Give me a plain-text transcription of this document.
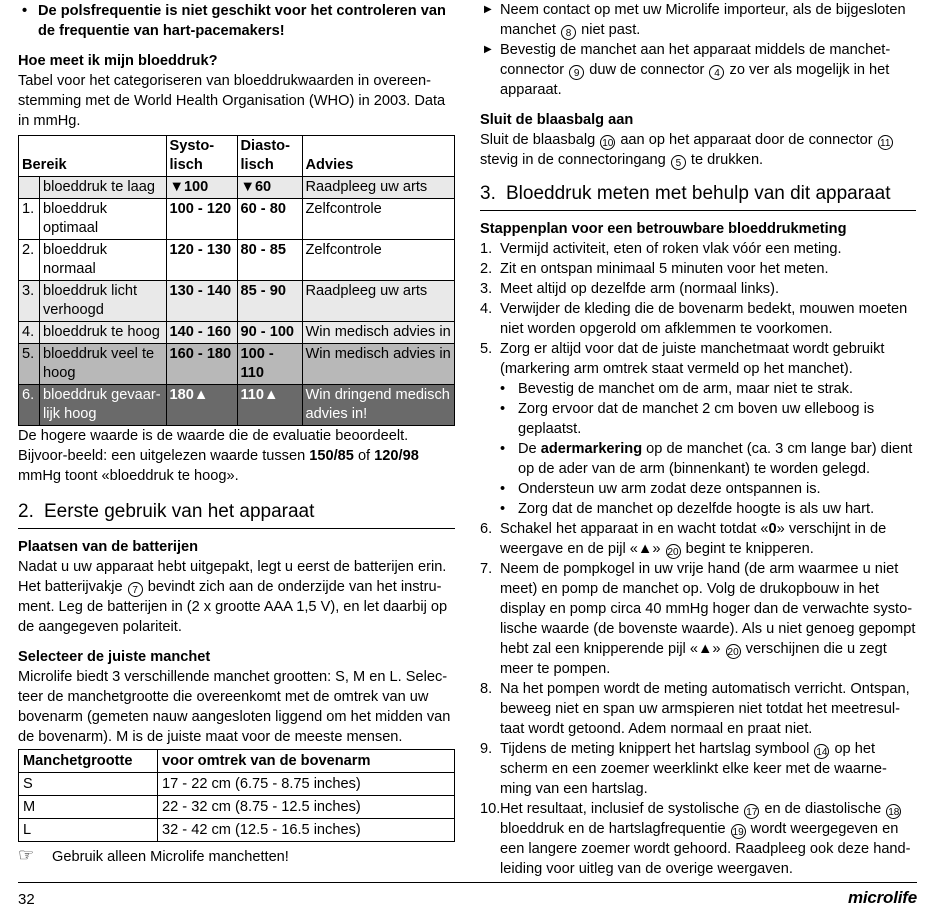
• De polsfrequentie is niet geschikt voor het controleren van de frequentie van hart-pacemakers!

Hoe meet ik mijn bloeddruk?

Tabel voor het categoriseren van bloeddrukwaarden in overeen-stemming met de World Health Organisation (WHO) in 2003. Data in mmHg.

Bereik		Systo-lisch	Diasto-lisch	Advies
	bloeddruk te laag	▼100	▼60	Raadpleeg uw arts
1.	bloeddruk optimaal	100 - 120	60 - 80	Zelfcontrole
2.	bloeddruk normaal	120 - 130	80 - 85	Zelfcontrole
3.	bloeddruk licht verhoogd	130 - 140	85 - 90	Raadpleeg uw arts
4.	bloeddruk te hoog	140 - 160	90 - 100	Win medisch advies in
5.	bloeddruk veel te hoog	160 - 180	100 - 110	Win medisch advies in
6.	bloeddruk gevaar-lijk hoog	180▲	110▲	Win dringend medisch advies in!

De hogere waarde is de waarde die de evaluatie beoordeelt. Bijvoor-beeld: een uitgelezen waarde tussen 150/85 of 120/98 mmHg toont «bloeddruk te hoog».

2. Eerste gebruik van het apparaat

Plaatsen van de batterijen

Nadat u uw apparaat hebt uitgepakt, legt u eerst de batterijen erin. Het batterijvakje 7 bevindt zich aan de onderzijde van het instru-ment. Leg de batterijen in (2 x grootte AAA 1,5 V), en let daarbij op de aangegeven polariteit.

Selecteer de juiste manchet

Microlife biedt 3 verschillende manchet grootten: S, M en L. Selec-teer de manchetgrootte die overeenkomt met de omtrek van uw bovenarm (gemeten nauw aangesloten liggend om het midden van de bovenarm). M is de juiste maat voor de meeste mensen.

Manchetgrootte	voor omtrek van de bovenarm
S	17 - 22 cm (6.75 - 8.75 inches)
M	22 - 32 cm (8.75 - 12.5 inches)
L	32 - 42 cm (12.5 - 16.5 inches)

☞ Gebruik alleen Microlife manchetten!

▶ Neem contact op met uw Microlife importeur, als de bijgesloten manchet 8 niet past.
▶ Bevestig de manchet aan het apparaat middels de manchet-connector 9 duw de connector 4 zo ver als mogelijk in het apparaat.

Sluit de blaasbalg aan

Sluit de blaasbalg 10 aan op het apparaat door de connector 11 stevig in de connectoringang 5 te drukken.

3. Bloeddruk meten met behulp van dit apparaat

Stappenplan voor een betrouwbare bloeddrukmeting

1. Vermijd activiteit, eten of roken vlak vóór een meting.
2. Zit en ontspan minimaal 5 minuten voor het meten.
3. Meet altijd op dezelfde arm (normaal links).
4. Verwijder de kleding die de bovenarm bedekt, mouwen moeten niet worden opgerold om afklemmen te voorkomen.
5. Zorg er altijd voor dat de juiste manchetmaat wordt gebruikt (markering arm omtrek staat vermeld op het manchet).
• Bevestig de manchet om de arm, maar niet te strak.
• Zorg ervoor dat de manchet 2 cm boven uw elleboog is geplaatst.
• De adermarkering op de manchet (ca. 3 cm lange bar) dient op de ader van de arm (binnenkant) te worden gelegd.
• Ondersteun uw arm zodat deze ontspannen is.
• Zorg dat de manchet op dezelfde hoogte is als uw hart.
6. Schakel het apparaat in en wacht totdat «0» verschijnt in de weergave en de pijl «▲» 20 begint te knipperen.
7. Neem de pompkogel in uw vrije hand (de arm waarmee u niet meet) en pomp de manchet op. Volg de drukopbouw in het display en pomp circa 40 mmHg hoger dan de verwachte systo-lische waarde (de bovenste waarde). Als u niet genoeg gepompt hebt zal een knipperende pijl «▲» 20 verschijnen die u zegt meer te pompen.
8. Na het pompen wordt de meting automatisch verricht. Ontspan, beweeg niet en span uw armspieren niet totdat het meetresul-taat wordt getoond. Adem normaal en praat niet.
9. Tijdens de meting knippert het hartslag symbool 14 op het scherm en een zoemer weerklinkt elke keer met de waarne-ming van een hartslag.
10. Het resultaat, inclusief de systolische 17 en de diastolische 18 bloeddruk en de hartslagfrequentie 19 wordt weergegeven en een langere zoemer wordt gehoord. Raadpleeg ook deze hand-leiding voor uitleg van de overige weergaven.
32	microlife
